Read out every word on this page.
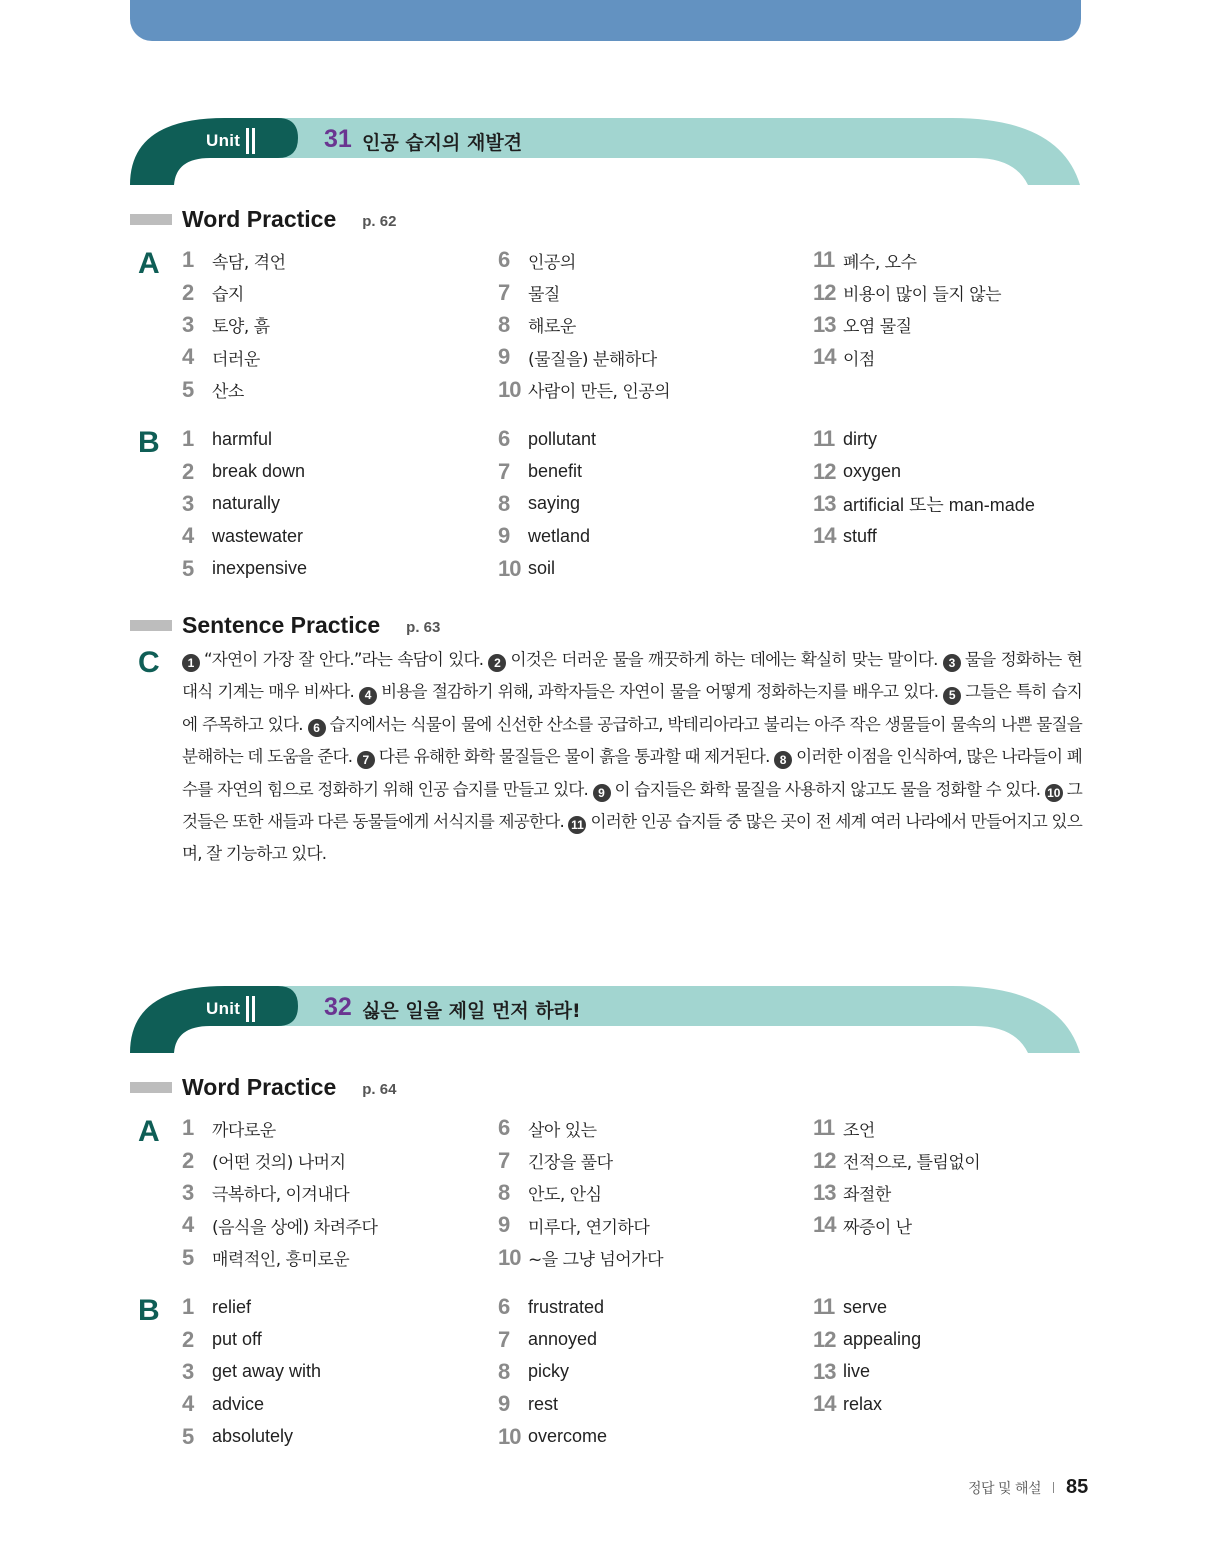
Unit	31 인공 습지의 재발견
Word Practice p. 62
A 1	속담, 격언
2	습지
3	토양, 흙
4	더러운
5	산소
6	인공의
7	물질
8	해로운
9	(물질을) 분해하다
10 사람이 만든, 인공의
11 폐수, 오수
12 비용이 많이 들지 않는
13 오염 물질
14 이점
B 1	harmful
2	break down
3	naturally
4	wastewater
5	inexpensive
6	pollutant
7	benefit
8	saying
9	wetland
10 soil
11 dirty
12 oxygen
13 artificial 또는 man-made
14 stuff
Sentence Practice p. 63
C	1 “자연이 가장 잘 안다.”라는 속담이 있다. 2 이것은 더러운 물을 깨끗하게 하는 데에는 확실히 맞는 말이다. 3 물을 정화하는 현대식 기계는 매우 비싸다. 4 비용을 절감하기 위해, 과학자들은 자연이 물을 어떻게 정화하는지를 배우고 있다. 5 그들은 특히 습지에 주목하고 있다. 6 습지에서는 식물이 물에 신선한 산소를 공급하고, 박테리아라고 불리는 아주 작은 생물들이 물속의 나쁜 물질을 분해하는 데 도움을 준다. 7 다른 유해한 화학 물질들은 물이 흙을 통과할 때 제거된다. 8 이러한 이점을 인식하여, 많은 나라들이 폐수를 자연의 힘으로 정화하기 위해 인공 습지를 만들고 있다. 9 이 습지들은 화학 물질을 사용하지 않고도 물을 정화할 수 있다. 10 그것들은 또한 새들과 다른 동물들에게 서식지를 제공한다. 11 이러한 인공 습지들 중 많은 곳이 전 세계 여러 나라에서 만들어지고 있으며, 잘 기능하고 있다.
Unit	32 싫은 일을 제일 먼저 하라!
Word Practice p. 64
A 1	까다로운
2	(어떤 것의) 나머지
3	극복하다, 이겨내다
4	(음식을 상에) 차려주다
5	매력적인, 흥미로운
6	살아 있는
7	긴장을 풀다
8	안도, 안심
9	미루다, 연기하다
10 ~을 그냥 넘어가다
11 조언
12 전적으로, 틀림없이
13 좌절한
14 짜증이 난
B 1	relief
2	put off
3	get away with
4	advice
5	absolutely
6	frustrated
7	annoyed
8	picky
9	rest
10 overcome
11 serve
12 appealing
13 live
14 relax
정답 및 해설 85
